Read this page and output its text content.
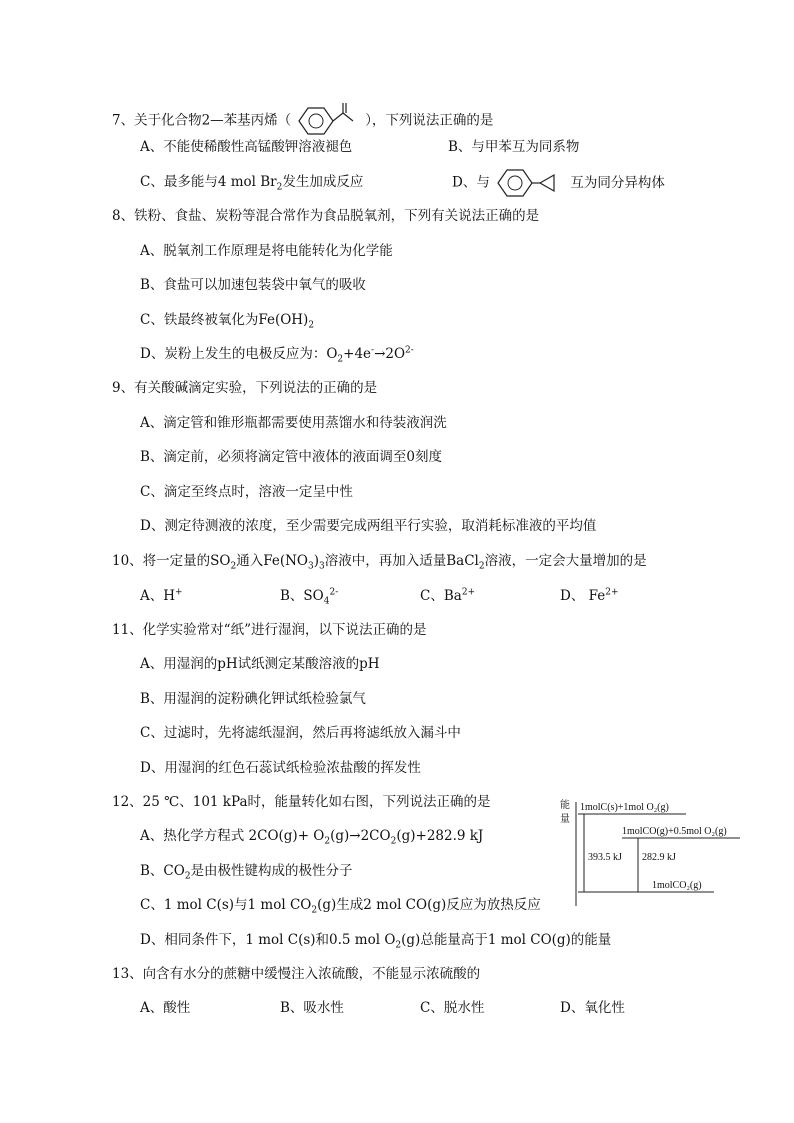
7、关于化合物2—苯基丙烯（	），下列说法正确的是
A、不能使稀酸性高锰酸钾溶液褪色	B、与甲苯互为同系物
C、最多能与4 mol $Br_2$发生加成反应	D、与	互为同分异构体
8、铁粉、食盐、炭粉等混合常作为食品脱氧剂，下列有关说法正确的是
A、脱氧剂工作原理是将电能转化为化学能
B、食盐可以加速包装袋中氧气的吸收
C、铁最终被氧化为$Fe(OH)_2$
D、炭粉上发生的电极反应为：$O_2+4e^-\to 2O^{2-}$
9、有关酸碱滴定实验，下列说法的正确的是
A、滴定管和锥形瓶都需要使用蒸馏水和待装液润洗
B、滴定前，必须将滴定管中液体的液面调至0刻度
C、滴定至终点时，溶液一定呈中性
D、测定待测液的浓度，至少需要完成两组平行实验，取消耗标准液的平均值
10、将一定量的$SO_2$通入$Fe(NO_3)_3$溶液中，再加入适量BaCl$_2$溶液，一定会大量增加的是
A、H+	B、$SO_4^{2-}$	C、$Ba^{2+}$	D、 $Fe^{2+}$
11、化学实验常对“纸”进行湿润，以下说法正确的是
A、用湿润的pH试纸测定某酸溶液的pH
B、用湿润的淀粉碘化钾试纸检验氯气
C、过滤时，先将滤纸湿润，然后再将滤纸放入漏斗中
D、用湿润的红色石蕊试纸检验浓盐酸的挥发性
12、25 ℃、101 kPa时，能量转化如右图，下列说法正确的是
A、热化学方程式 $2CO(g)+ O_2(g)\to 2CO_2(g)+282.9$ kJ
B、$CO_2$是由极性键构成的极性分子
C、1 mol C(s)与1 mol $CO_2(g)$生成2 mol CO(g)反应为放热反应
D、相同条件下，1 mol C(s)和0.5 mol $O_2(g)$总能量高于1 mol CO(g)的能量
能
量
1molC(s)+1mol O₂(g)
1molCO(g)+0.5mol O₂(g)
1molCO₂(g)
393.5 kJ 282.9 kJ
13、向含有水分的蔗糖中缓慢注入浓硫酸，不能显示浓硫酸的
A、酸性	B、吸水性	C、脱水性	D、氧化性
